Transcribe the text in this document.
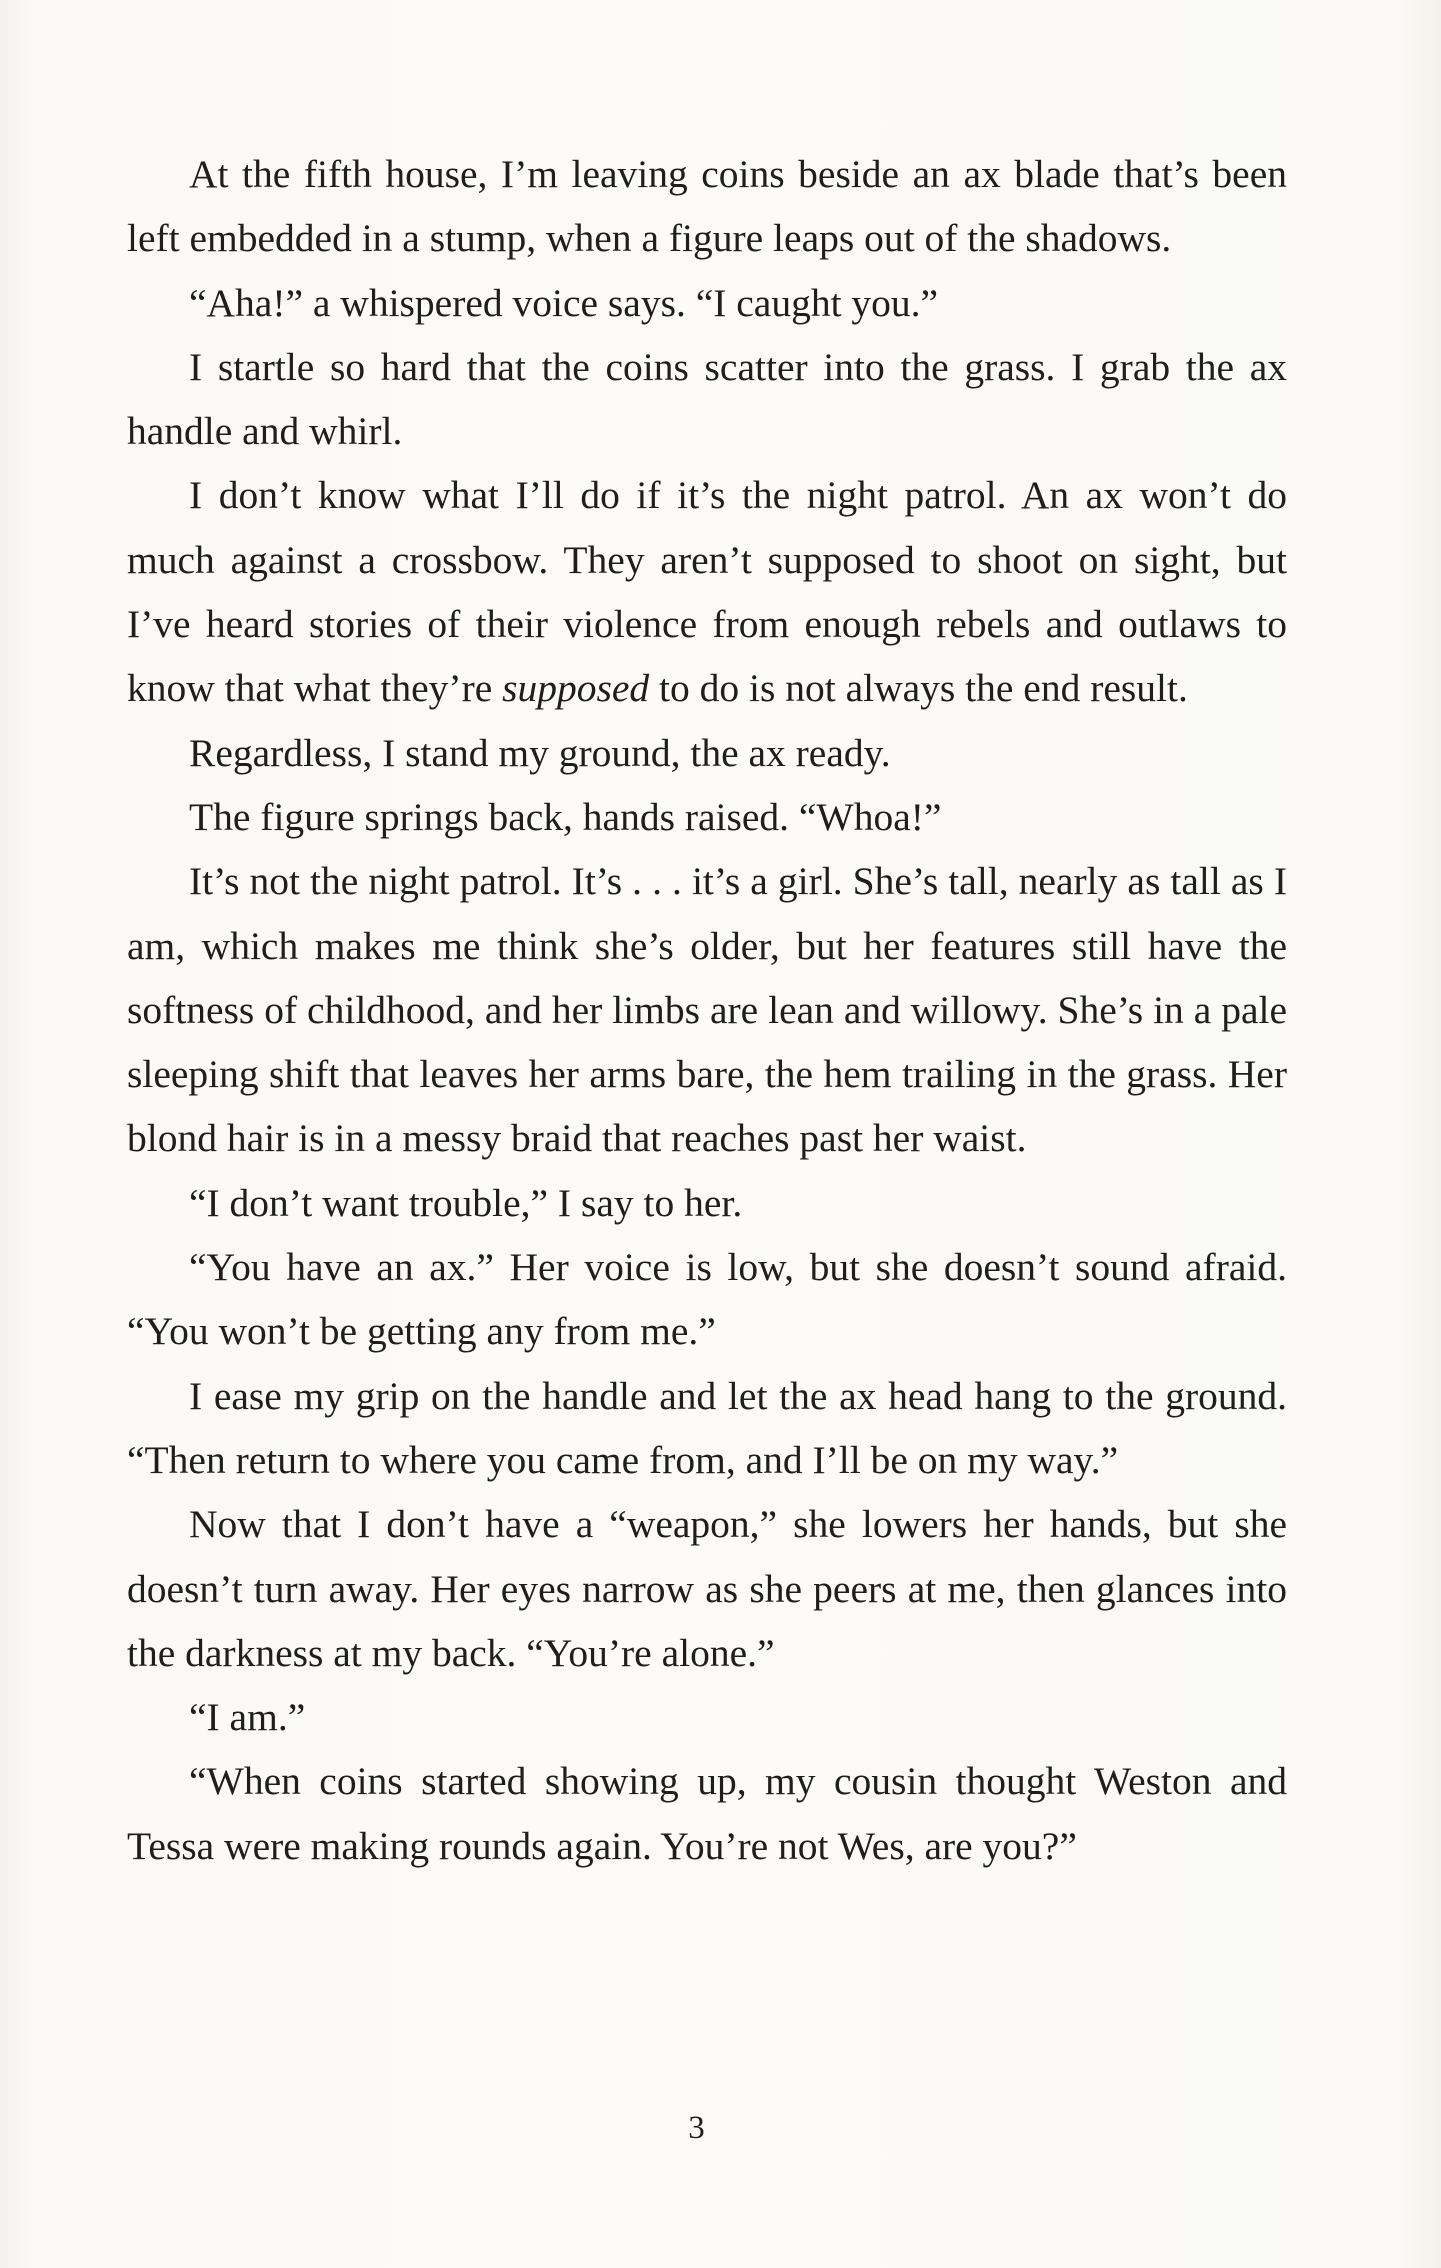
At the fifth house, I’m leaving coins beside an ax blade that’s been left embedded in a stump, when a figure leaps out of the shadows.

“Aha!” a whispered voice says. “I caught you.”

I startle so hard that the coins scatter into the grass. I grab the ax handle and whirl.

I don’t know what I’ll do if it’s the night patrol. An ax won’t do much against a crossbow. They aren’t supposed to shoot on sight, but I’ve heard stories of their violence from enough rebels and outlaws to know that what they’re supposed to do is not always the end result.

Regardless, I stand my ground, the ax ready.

The figure springs back, hands raised. “Whoa!”

It’s not the night patrol. It’s . . . it’s a girl. She’s tall, nearly as tall as I am, which makes me think she’s older, but her features still have the softness of childhood, and her limbs are lean and willowy. She’s in a pale sleeping shift that leaves her arms bare, the hem trailing in the grass. Her blond hair is in a messy braid that reaches past her waist.

“I don’t want trouble,” I say to her.

“You have an ax.” Her voice is low, but she doesn’t sound afraid. “You won’t be getting any from me.”

I ease my grip on the handle and let the ax head hang to the ground. “Then return to where you came from, and I’ll be on my way.”

Now that I don’t have a “weapon,” she lowers her hands, but she doesn’t turn away. Her eyes narrow as she peers at me, then glances into the darkness at my back. “You’re alone.”

“I am.”

“When coins started showing up, my cousin thought Weston and Tessa were making rounds again. You’re not Wes, are you?”

3
